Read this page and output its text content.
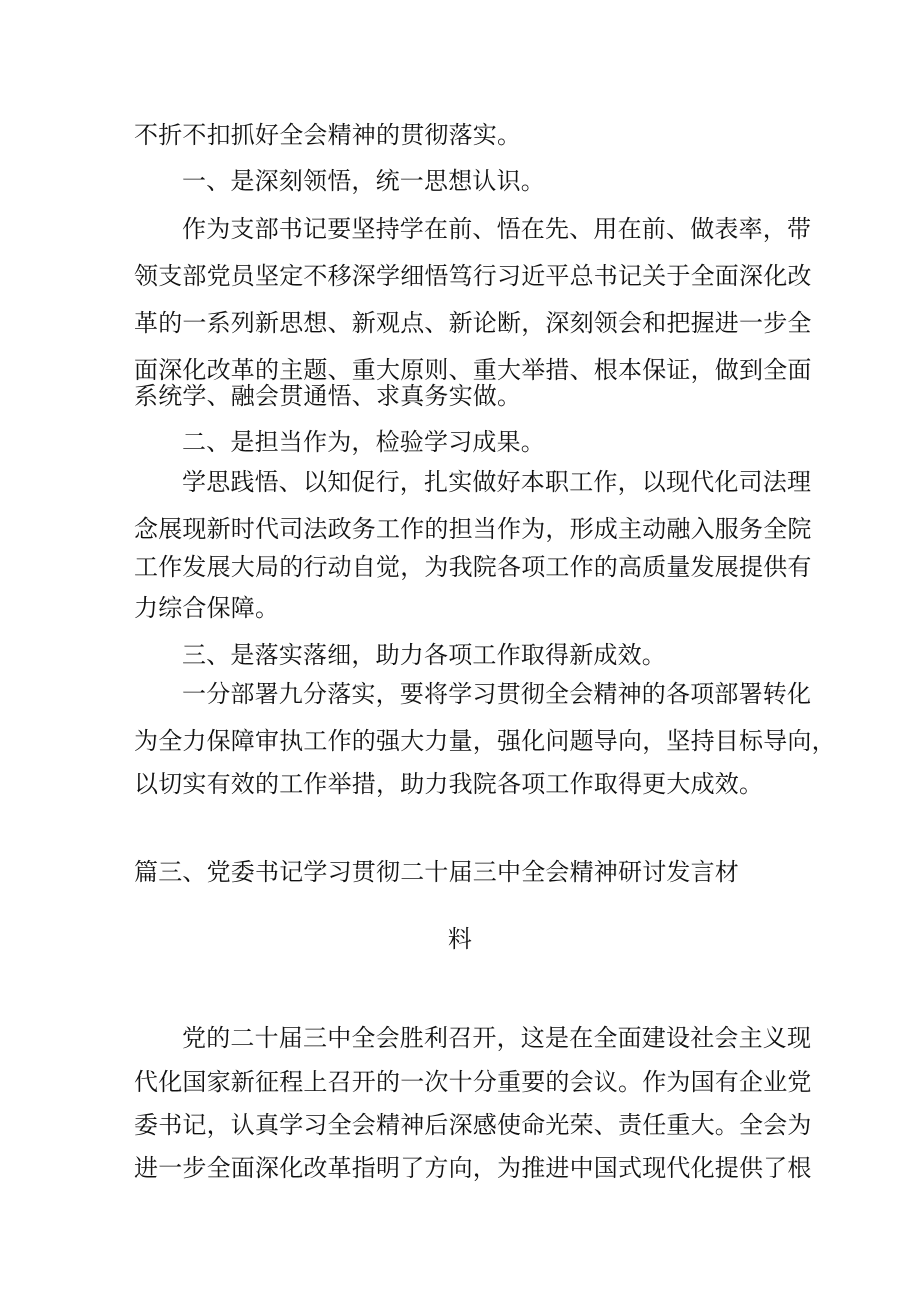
不折不扣抓好全会精神的贯彻落实。
一、是深刻领悟，统一思想认识。
作为支部书记要坚持学在前、悟在先、用在前、做表率，带
领支部党员坚定不移深学细悟笃行习近平总书记关于全面深化改
革的一系列新思想、新观点、新论断，深刻领会和把握进一步全
面深化改革的主题、重大原则、重大举措、根本保证，做到全面
系统学、融会贯通悟、求真务实做。
二、是担当作为，检验学习成果。
学思践悟、以知促行，扎实做好本职工作，以现代化司法理
念展现新时代司法政务工作的担当作为，形成主动融入服务全院
工作发展大局的行动自觉，为我院各项工作的高质量发展提供有
力综合保障。
三、是落实落细，助力各项工作取得新成效。
一分部署九分落实，要将学习贯彻全会精神的各项部署转化
为全力保障审执工作的强大力量，强化问题导向，坚持目标导向，
以切实有效的工作举措，助力我院各项工作取得更大成效。
篇三、党委书记学习贯彻二十届三中全会精神研讨发言材
料
党的二十届三中全会胜利召开，这是在全面建设社会主义现
代化国家新征程上召开的一次十分重要的会议。作为国有企业党
委书记，认真学习全会精神后深感使命光荣、责任重大。全会为
进一步全面深化改革指明了方向，为推进中国式现代化提供了根
